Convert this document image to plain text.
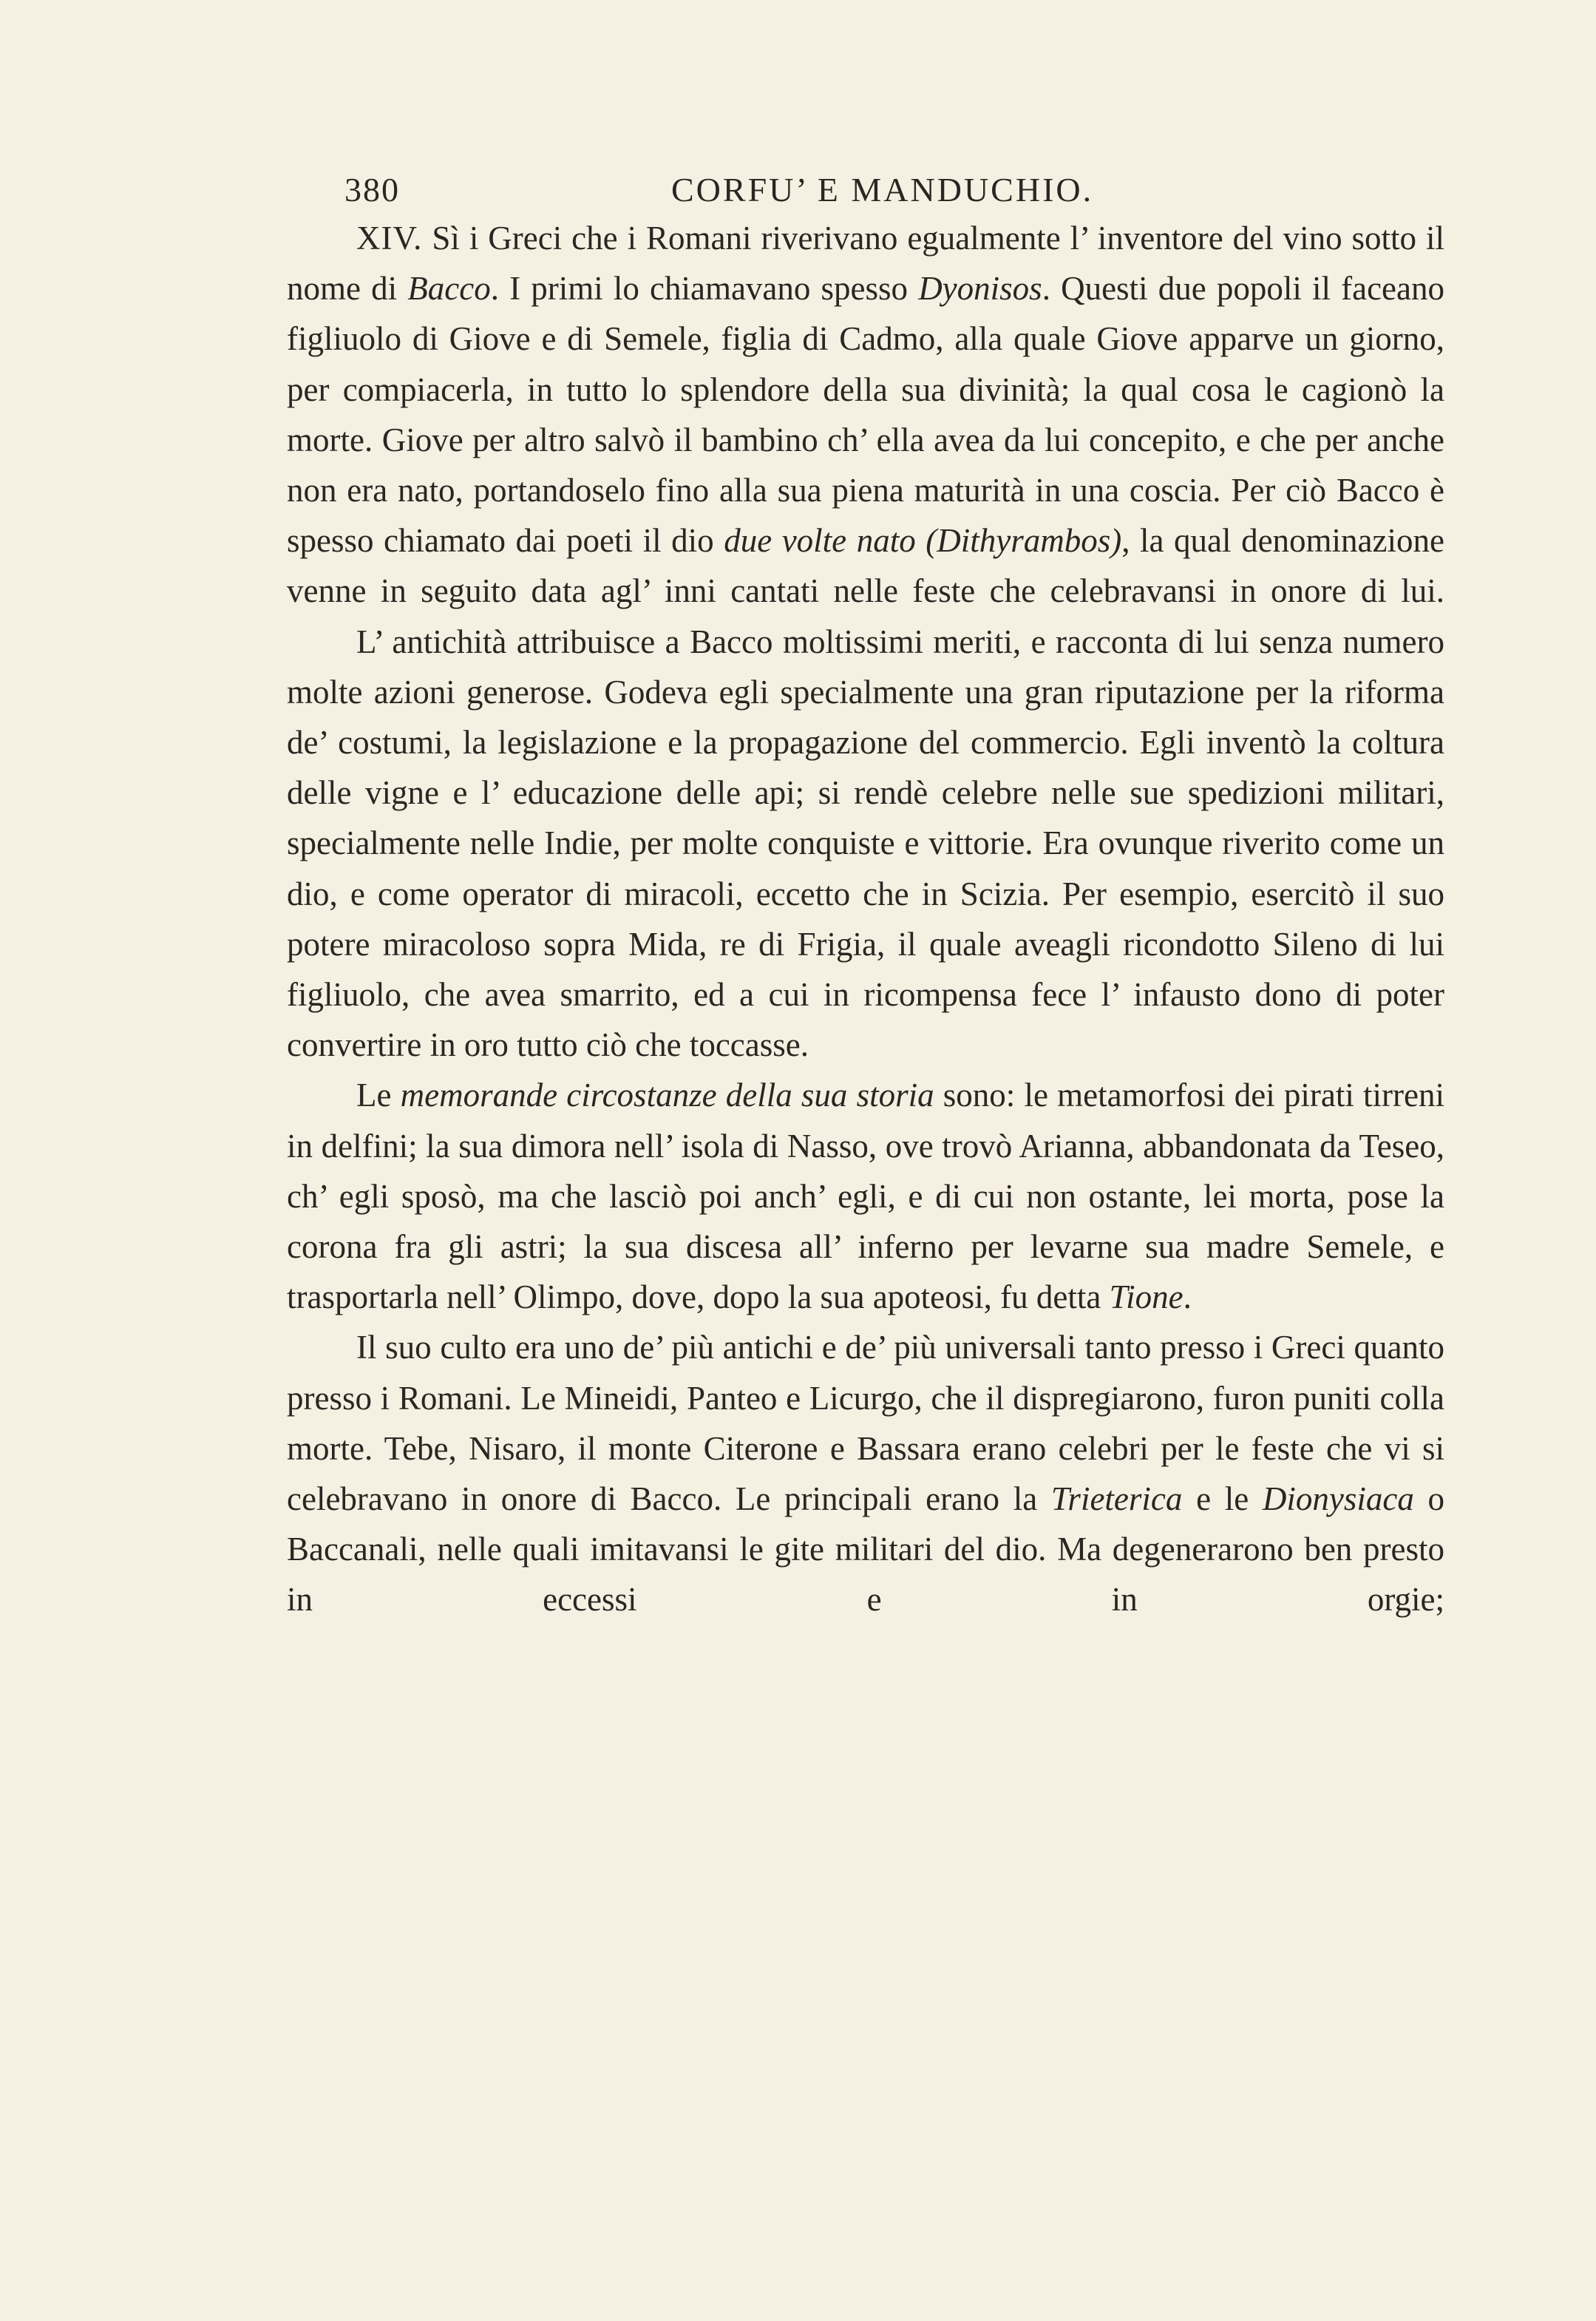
380	CORFU’ E MANDUCHIO.

XIV. Sì i Greci che i Romani riverivano egualmente l’ inventore del vino sotto il nome di Bacco. I primi lo chiamavano spesso Dyonisos. Questi due popoli il faceano figliuolo di Giove e di Semele, figlia di Cadmo, alla quale Giove apparve un giorno, per compiacerla, in tutto lo splendore della sua divinità; la qual cosa le cagionò la morte. Giove per altro salvò il bambino ch’ ella avea da lui concepito, e che per anche non era nato, portandoselo fino alla sua piena maturità in una coscia. Per ciò Bacco è spesso chiamato dai poeti il dio due volte nato (Dithyrambos), la qual denominazione venne in seguito data agl’ inni cantati nelle feste che celebravansi in onore di lui.

L’ antichità attribuisce a Bacco moltissimi meriti, e racconta di lui senza numero molte azioni generose. Godeva egli specialmente una gran riputazione per la riforma de’ costumi, la legislazione e la propagazione del commercio. Egli inventò la coltura delle vigne e l’ educazione delle api; si rendè celebre nelle sue spedizioni militari, specialmente nelle Indie, per molte conquiste e vittorie. Era ovunque riverito come un dio, e come operator di miracoli, eccetto che in Scizia. Per esempio, esercitò il suo potere miracoloso sopra Mida, re di Frigia, il quale aveagli ricondotto Sileno di lui figliuolo, che avea smarrito, ed a cui in ricompensa fece l’ infausto dono di poter convertire in oro tutto ciò che toccasse.

Le memorande circostanze della sua storia sono: le metamorfosi dei pirati tirreni in delfini; la sua dimora nell’ isola di Nasso, ove trovò Arianna, abbandonata da Teseo, ch’ egli sposò, ma che lasciò poi anch’ egli, e di cui non ostante, lei morta, pose la corona fra gli astri; la sua discesa all’ inferno per levarne sua madre Semele, e trasportarla nell’ Olimpo, dove, dopo la sua apoteosi, fu detta Tione.

Il suo culto era uno de’ più antichi e de’ più universali tanto presso i Greci quanto presso i Romani. Le Mineidi, Panteo e Licurgo, che il dispregiarono, furon puniti colla morte. Tebe, Nisaro, il monte Citerone e Bassara erano celebri per le feste che vi si celebravano in onore di Bacco. Le principali erano la Trieterica e le Dionysiaca o Baccanali, nelle quali imitavansi le gite militari del dio. Ma degenerarono ben presto in eccessi e in orgie;
